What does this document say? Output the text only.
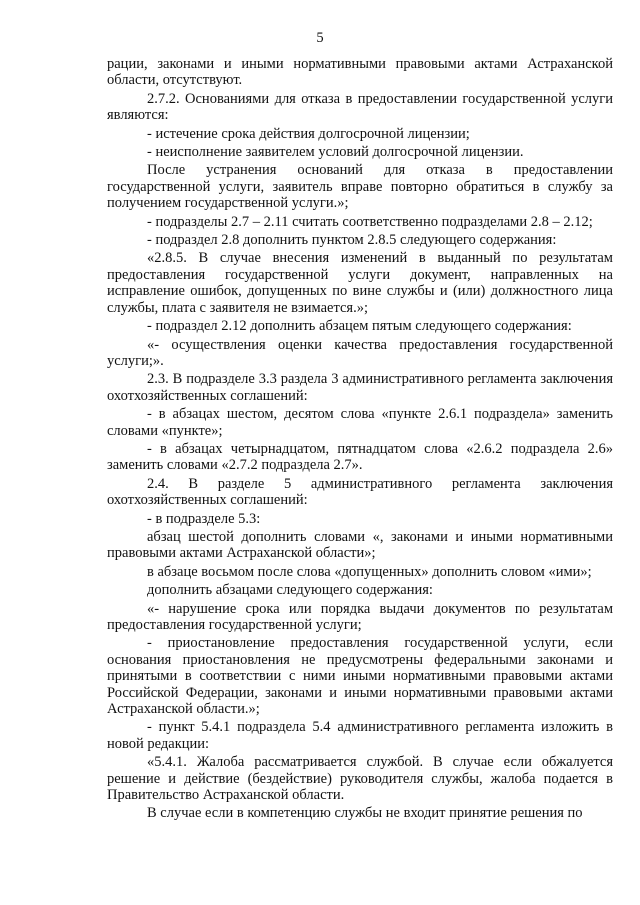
5

рации, законами и иными нормативными правовыми актами Астраханской области, отсутствуют.

2.7.2. Основаниями для отказа в предоставлении государственной услуги являются:

- истечение срока действия долгосрочной лицензии;

- неисполнение заявителем условий долгосрочной лицензии.

После устранения оснований для отказа в предоставлении государственной услуги, заявитель вправе повторно обратиться в службу за получением государственной услуги.»;

- подразделы 2.7 – 2.11 считать соответственно подразделами 2.8 – 2.12;

- подраздел 2.8 дополнить пунктом 2.8.5 следующего содержания:

«2.8.5. В случае внесения изменений в выданный по результатам предоставления государственной услуги документ, направленных на исправление ошибок, допущенных по вине службы и (или) должностного лица службы, плата с заявителя не взимается.»;

- подраздел 2.12 дополнить абзацем пятым следующего содержания:

«- осуществления оценки качества предоставления государственной услуги;».

2.3. В подразделе 3.3 раздела 3 административного регламента заключения охотхозяйственных соглашений:

- в абзацах шестом, десятом слова «пункте 2.6.1 подраздела» заменить словами «пункте»;

- в абзацах четырнадцатом, пятнадцатом слова «2.6.2 подраздела 2.6» заменить словами «2.7.2 подраздела 2.7».

2.4. В разделе 5 административного регламента заключения охотхозяйственных соглашений:

- в подразделе 5.3:

абзац шестой дополнить словами «, законами и иными нормативными правовыми актами Астраханской области»;

в абзаце восьмом после слова «допущенных» дополнить словом «ими»;

дополнить абзацами следующего содержания:

«- нарушение срока или порядка выдачи документов по результатам предоставления государственной услуги;

- приостановление предоставления государственной услуги, если основания приостановления не предусмотрены федеральными законами и принятыми в соответствии с ними иными нормативными правовыми актами Российской Федерации, законами и иными нормативными правовыми актами Астраханской области.»;

- пункт 5.4.1 подраздела 5.4 административного регламента изложить в новой редакции:

«5.4.1. Жалоба рассматривается службой. В случае если обжалуется решение и действие (бездействие) руководителя службы, жалоба подается в Правительство Астраханской области.

В случае если в компетенцию службы не входит принятие решения по
